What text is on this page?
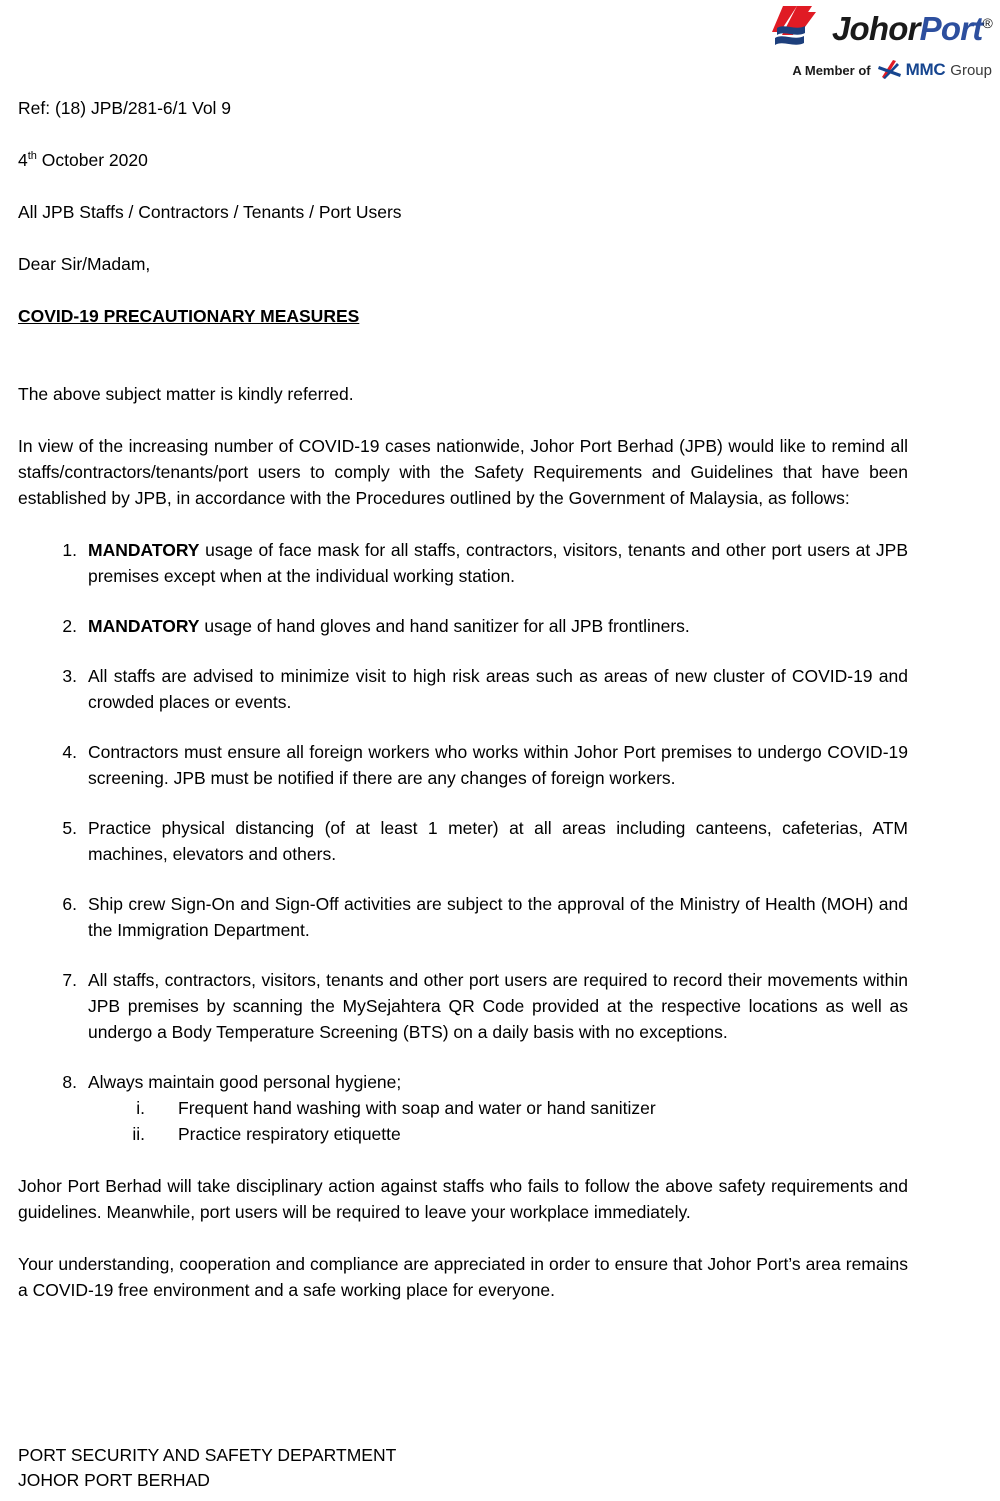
JohorPort®
A Member of MMC Group

Ref: (18) JPB/281-6/1 Vol 9

4th October 2020

All JPB Staffs / Contractors / Tenants / Port Users

Dear Sir/Madam,

COVID-19 PRECAUTIONARY MEASURES

The above subject matter is kindly referred.

In view of the increasing number of COVID-19 cases nationwide, Johor Port Berhad (JPB) would like to remind all staffs/contractors/tenants/port users to comply with the Safety Requirements and Guidelines that have been established by JPB, in accordance with the Procedures outlined by the Government of Malaysia, as follows:

1. MANDATORY usage of face mask for all staffs, contractors, visitors, tenants and other port users at JPB premises except when at the individual working station.
2. MANDATORY usage of hand gloves and hand sanitizer for all JPB frontliners.
3. All staffs are advised to minimize visit to high risk areas such as areas of new cluster of COVID-19 and crowded places or events.
4. Contractors must ensure all foreign workers who works within Johor Port premises to undergo COVID-19 screening. JPB must be notified if there are any changes of foreign workers.
5. Practice physical distancing (of at least 1 meter) at all areas including canteens, cafeterias, ATM machines, elevators and others.
6. Ship crew Sign-On and Sign-Off activities are subject to the approval of the Ministry of Health (MOH) and the Immigration Department.
7. All staffs, contractors, visitors, tenants and other port users are required to record their movements within JPB premises by scanning the MySejahtera QR Code provided at the respective locations as well as undergo a Body Temperature Screening (BTS) on a daily basis with no exceptions.
8. Always maintain good personal hygiene;
i. Frequent hand washing with soap and water or hand sanitizer
ii. Practice respiratory etiquette

Johor Port Berhad will take disciplinary action against staffs who fails to follow the above safety requirements and guidelines. Meanwhile, port users will be required to leave your workplace immediately.

Your understanding, cooperation and compliance are appreciated in order to ensure that Johor Port’s area remains a COVID-19 free environment and a safe working place for everyone.

PORT SECURITY AND SAFETY DEPARTMENT

JOHOR PORT BERHAD
